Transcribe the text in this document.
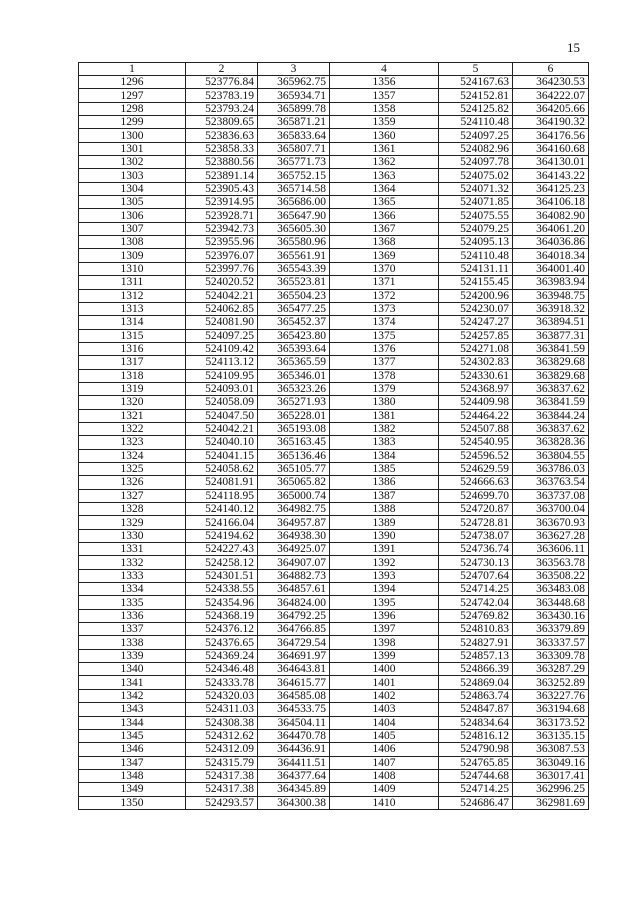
15
1	2	3	4	5	6
1296	523776.84	365962.75	1356	524167.63	364230.53
1297	523783.19	365934.71	1357	524152.81	364222.07
1298	523793.24	365899.78	1358	524125.82	364205.66
1299	523809.65	365871.21	1359	524110.48	364190.32
1300	523836.63	365833.64	1360	524097.25	364176.56
1301	523858.33	365807.71	1361	524082.96	364160.68
1302	523880.56	365771.73	1362	524097.78	364130.01
1303	523891.14	365752.15	1363	524075.02	364143.22
1304	523905.43	365714.58	1364	524071.32	364125.23
1305	523914.95	365686.00	1365	524071.85	364106.18
1306	523928.71	365647.90	1366	524075.55	364082.90
1307	523942.73	365605.30	1367	524079.25	364061.20
1308	523955.96	365580.96	1368	524095.13	364036.86
1309	523976.07	365561.91	1369	524110.48	364018.34
1310	523997.76	365543.39	1370	524131.11	364001.40
1311	524020.52	365523.81	1371	524155.45	363983.94
1312	524042.21	365504.23	1372	524200.96	363948.75
1313	524062.85	365477.25	1373	524230.07	363918.32
1314	524081.90	365452.37	1374	524247.27	363894.51
1315	524097.25	365423.80	1375	524257.85	363877.31
1316	524109.42	365393.64	1376	524271.08	363841.59
1317	524113.12	365365.59	1377	524302.83	363829.68
1318	524109.95	365346.01	1378	524330.61	363829.68
1319	524093.01	365323.26	1379	524368.97	363837.62
1320	524058.09	365271.93	1380	524409.98	363841.59
1321	524047.50	365228.01	1381	524464.22	363844.24
1322	524042.21	365193.08	1382	524507.88	363837.62
1323	524040.10	365163.45	1383	524540.95	363828.36
1324	524041.15	365136.46	1384	524596.52	363804.55
1325	524058.62	365105.77	1385	524629.59	363786.03
1326	524081.91	365065.82	1386	524666.63	363763.54
1327	524118.95	365000.74	1387	524699.70	363737.08
1328	524140.12	364982.75	1388	524720.87	363700.04
1329	524166.04	364957.87	1389	524728.81	363670.93
1330	524194.62	364938.30	1390	524738.07	363627.28
1331	524227.43	364925.07	1391	524736.74	363606.11
1332	524258.12	364907.07	1392	524730.13	363563.78
1333	524301.51	364882.73	1393	524707.64	363508.22
1334	524338.55	364857.61	1394	524714.25	363483.08
1335	524354.96	364824.00	1395	524742.04	363448.68
1336	524368.19	364792.25	1396	524769.82	363430.16
1337	524376.12	364766.85	1397	524810.83	363379.89
1338	524376.65	364729.54	1398	524827.91	363337.57
1339	524369.24	364691.97	1399	524857.13	363309.78
1340	524346.48	364643.81	1400	524866.39	363287.29
1341	524333.78	364615.77	1401	524869.04	363252.89
1342	524320.03	364585.08	1402	524863.74	363227.76
1343	524311.03	364533.75	1403	524847.87	363194.68
1344	524308.38	364504.11	1404	524834.64	363173.52
1345	524312.62	364470.78	1405	524816.12	363135.15
1346	524312.09	364436.91	1406	524790.98	363087.53
1347	524315.79	364411.51	1407	524765.85	363049.16
1348	524317.38	364377.64	1408	524744.68	363017.41
1349	524317.38	364345.89	1409	524714.25	362996.25
1350	524293.57	364300.38	1410	524686.47	362981.69
